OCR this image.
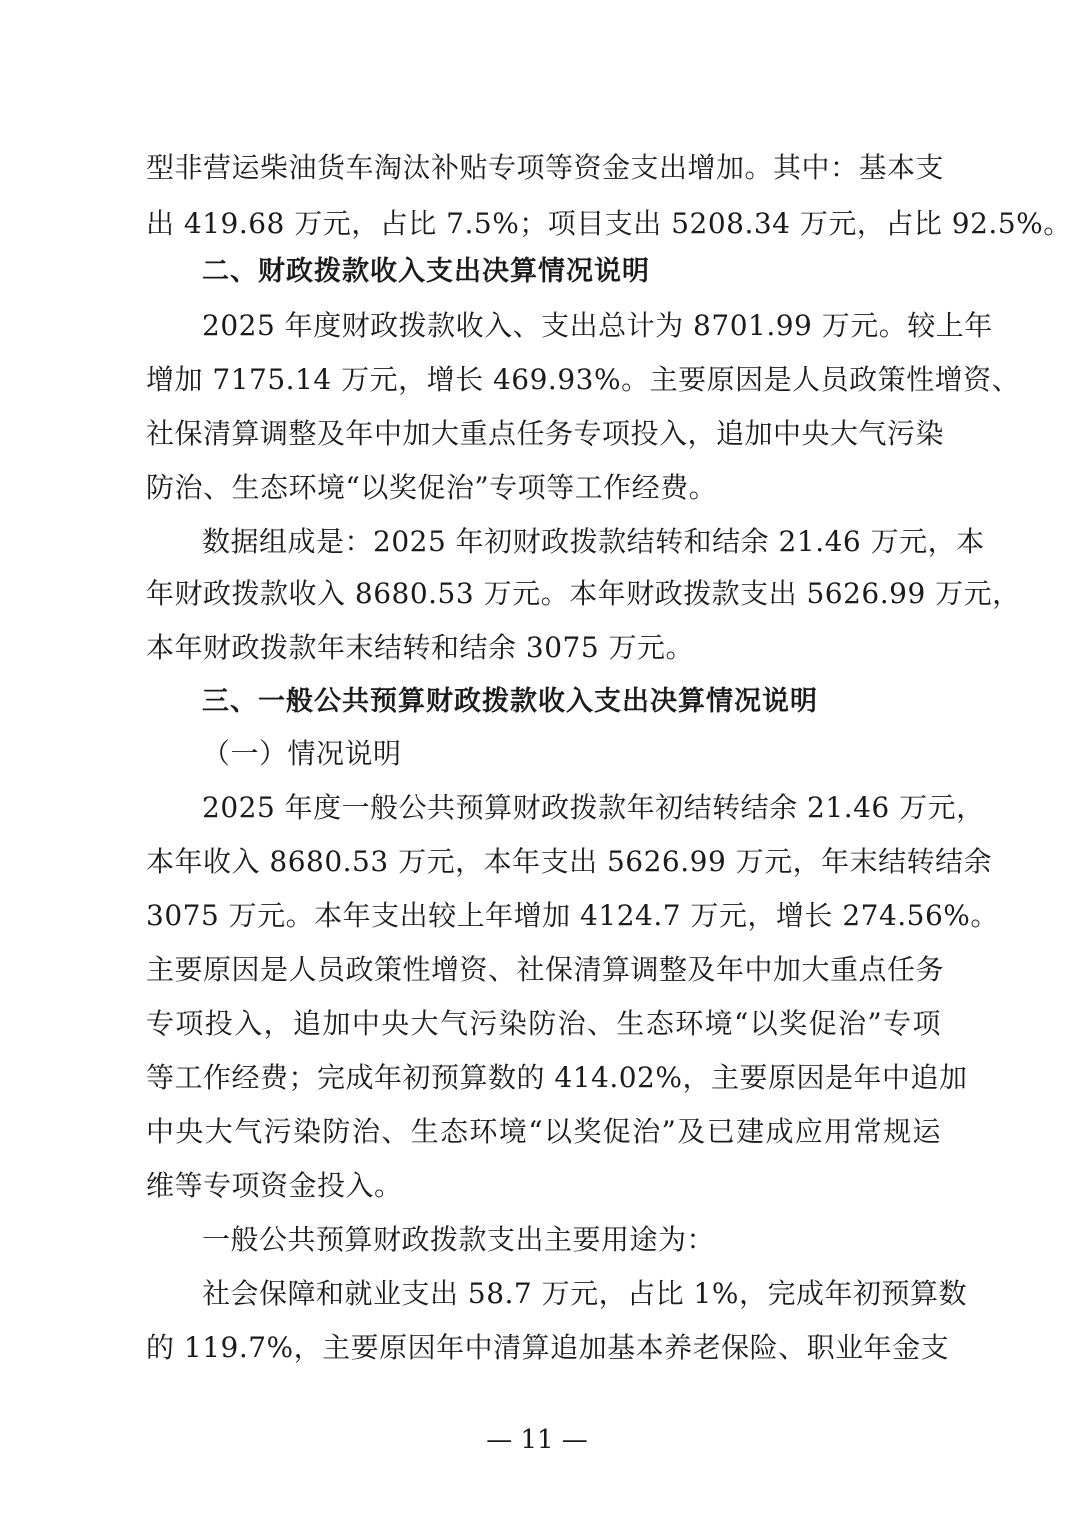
型非营运柴油货车淘汰补贴专项等资金支出增加。其中：基本支
出 419.68 万元，占比 7.5%；项目支出 5208.34 万元，占比 92.5%。
二、财政拨款收入支出决算情况说明
2025 年度财政拨款收入、支出总计为 8701.99 万元。较上年
增加 7175.14 万元，增长 469.93%。主要原因是人员政策性增资、
社保清算调整及年中加大重点任务专项投入，追加中央大气污染
防治、生态环境“以奖促治”专项等工作经费。
数据组成是：2025 年初财政拨款结转和结余 21.46 万元，本
年财政拨款收入 8680.53 万元。本年财政拨款支出 5626.99 万元，
本年财政拨款年末结转和结余 3075 万元。
三、一般公共预算财政拨款收入支出决算情况说明
（一）情况说明
2025 年度一般公共预算财政拨款年初结转结余 21.46 万元，
本年收入 8680.53 万元，本年支出 5626.99 万元，年末结转结余
3075 万元。本年支出较上年增加 4124.7 万元，增长 274.56%。
主要原因是人员政策性增资、社保清算调整及年中加大重点任务
专项投入，追加中央大气污染防治、生态环境“以奖促治”专项
等工作经费；完成年初预算数的 414.02%，主要原因是年中追加
中央大气污染防治、生态环境“以奖促治”及已建成应用常规运
维等专项资金投入。
一般公共预算财政拨款支出主要用途为：
社会保障和就业支出 58.7 万元，占比 1%，完成年初预算数
的 119.7%，主要原因年中清算追加基本养老保险、职业年金支
— 11 —
